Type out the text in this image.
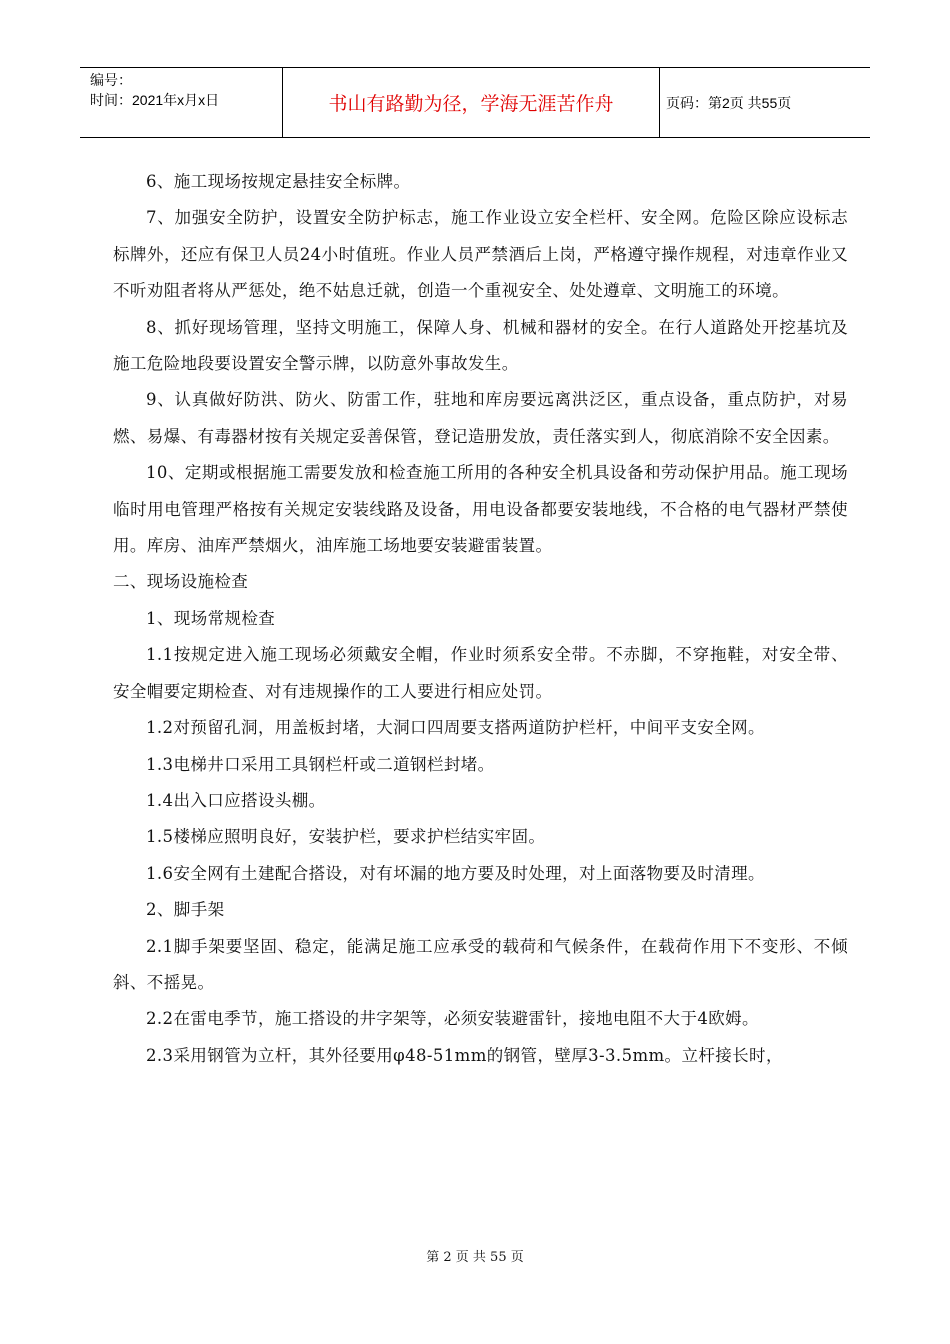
编号：
时间：2021年x月x日	书山有路勤为径，学海无涯苦作舟	页码：第2页 共55页

6、施工现场按规定悬挂安全标牌。

7、加强安全防护，设置安全防护标志，施工作业设立安全栏杆、安全网。危险区除应设标志标牌外，还应有保卫人员24小时值班。作业人员严禁酒后上岗，严格遵守操作规程，对违章作业又不听劝阻者将从严惩处，绝不姑息迁就，创造一个重视安全、处处遵章、文明施工的环境。

8、抓好现场管理，坚持文明施工，保障人身、机械和器材的安全。在行人道路处开挖基坑及施工危险地段要设置安全警示牌，以防意外事故发生。

9、认真做好防洪、防火、防雷工作，驻地和库房要远离洪泛区，重点设备，重点防护，对易燃、易爆、有毒器材按有关规定妥善保管，登记造册发放，责任落实到人，彻底消除不安全因素。

10、定期或根据施工需要发放和检查施工所用的各种安全机具设备和劳动保护用品。施工现场临时用电管理严格按有关规定安装线路及设备，用电设备都要安装地线，不合格的电气器材严禁使用。库房、油库严禁烟火，油库施工场地要安装避雷装置。

二、现场设施检查

1、现场常规检查

1.1按规定进入施工现场必须戴安全帽，作业时须系安全带。不赤脚，不穿拖鞋，对安全带、安全帽要定期检查、对有违规操作的工人要进行相应处罚。

1.2对预留孔洞，用盖板封堵，大洞口四周要支搭两道防护栏杆，中间平支安全网。

1.3电梯井口采用工具钢栏杆或二道钢栏封堵。

1.4出入口应搭设头棚。

1.5楼梯应照明良好，安装护栏，要求护栏结实牢固。

1.6安全网有土建配合搭设，对有坏漏的地方要及时处理，对上面落物要及时清理。

2、脚手架

2.1脚手架要坚固、稳定，能满足施工应承受的载荷和气候条件，在载荷作用下不变形、不倾斜、不摇晃。

2.2在雷电季节，施工搭设的井字架等，必须安装避雷针，接地电阻不大于4欧姆。

2.3采用钢管为立杆，其外径要用φ48-51mm的钢管，壁厚3-3.5mm。立杆接长时，

第 2 页 共 55 页
